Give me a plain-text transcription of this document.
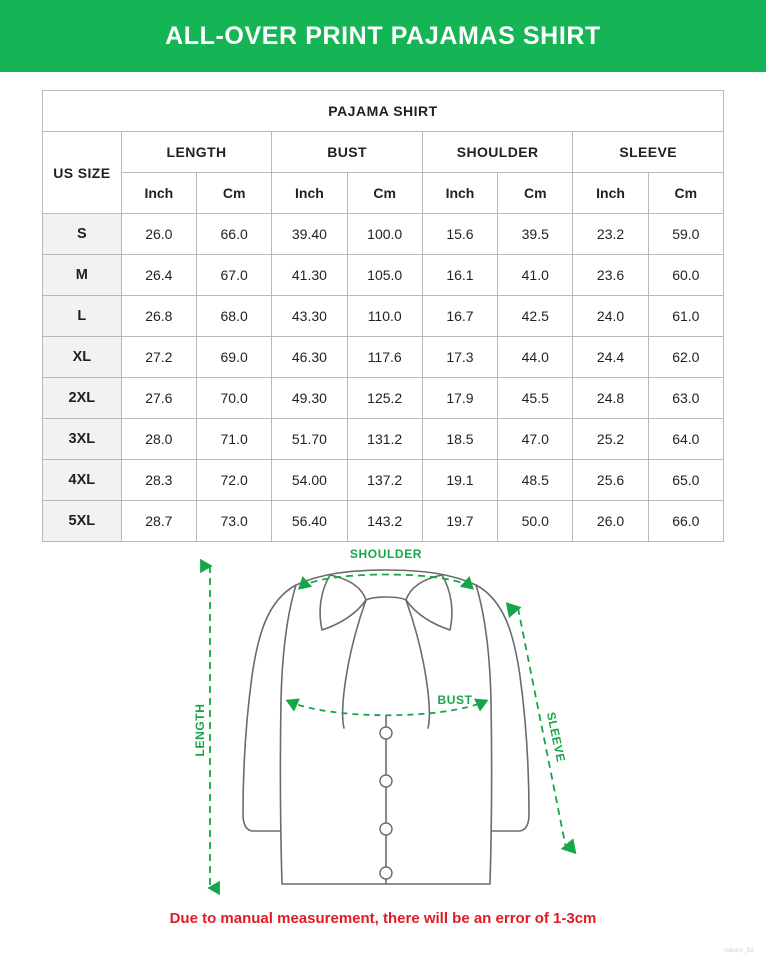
ALL-OVER PRINT PAJAMAS SHIRT
PAJAMA SHIRT								
US SIZE	LENGTH		BUST		SHOULDER		SLEEVE	
	Inch	Cm	Inch	Cm	Inch	Cm	Inch	Cm
S	26.0	66.0	39.40	100.0	15.6	39.5	23.2	59.0
M	26.4	67.0	41.30	105.0	16.1	41.0	23.6	60.0
L	26.8	68.0	43.30	110.0	16.7	42.5	24.0	61.0
XL	27.2	69.0	46.30	117.6	17.3	44.0	24.4	62.0
2XL	27.6	70.0	49.30	125.2	17.9	45.5	24.8	63.0
3XL	28.0	71.0	51.70	131.2	18.5	47.0	25.2	64.0
4XL	28.3	72.0	54.00	137.2	19.1	48.5	25.6	65.0
5XL	28.7	73.0	56.40	143.2	19.7	50.0	26.0	66.0
SHOULDER
LENGTH
BUST
SLEEVE
Due to manual measurement, there will be an error of 1-3cm
rokuro_52
